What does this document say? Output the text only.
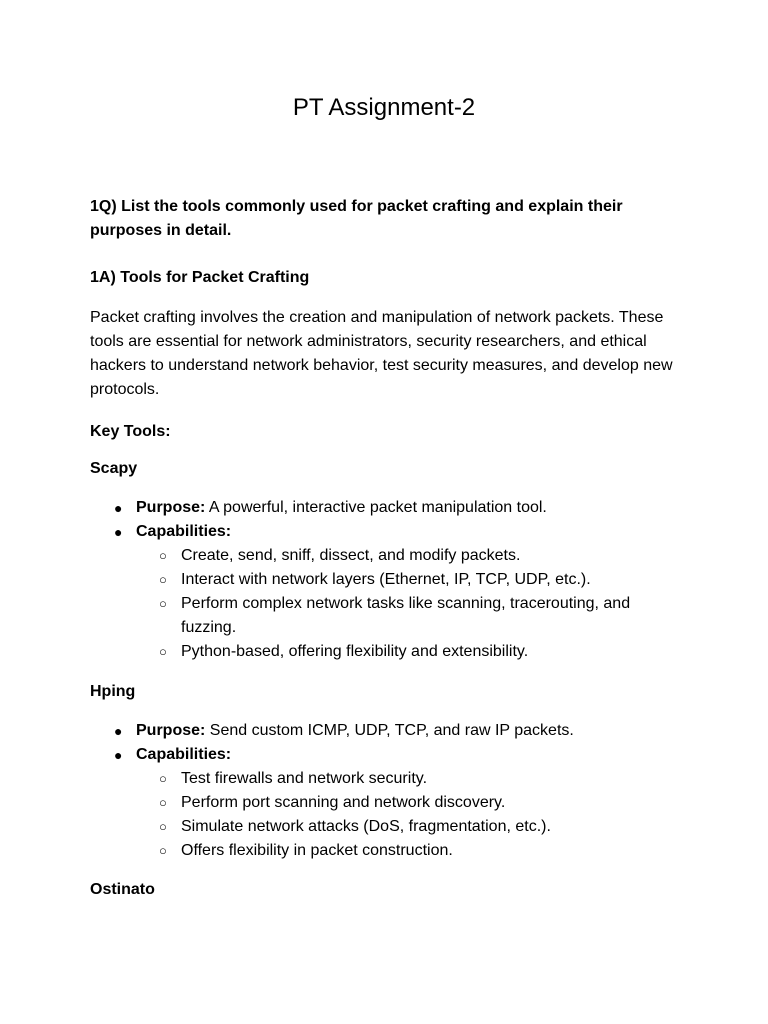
PT Assignment-2
1Q) List the tools commonly used for packet crafting and explain their purposes in detail.
1A) Tools for Packet Crafting
Packet crafting involves the creation and manipulation of network packets. These tools are essential for network administrators, security researchers, and ethical hackers to understand network behavior, test security measures, and develop new protocols.
Key Tools:
Scapy
● Purpose: A powerful, interactive packet manipulation tool.
● Capabilities:
○ Create, send, sniff, dissect, and modify packets.
○ Interact with network layers (Ethernet, IP, TCP, UDP, etc.).
○ Perform complex network tasks like scanning, tracerouting, and fuzzing.
○ Python-based, offering flexibility and extensibility.
Hping
● Purpose: Send custom ICMP, UDP, TCP, and raw IP packets.
● Capabilities:
○ Test firewalls and network security.
○ Perform port scanning and network discovery.
○ Simulate network attacks (DoS, fragmentation, etc.).
○ Offers flexibility in packet construction.
Ostinato
